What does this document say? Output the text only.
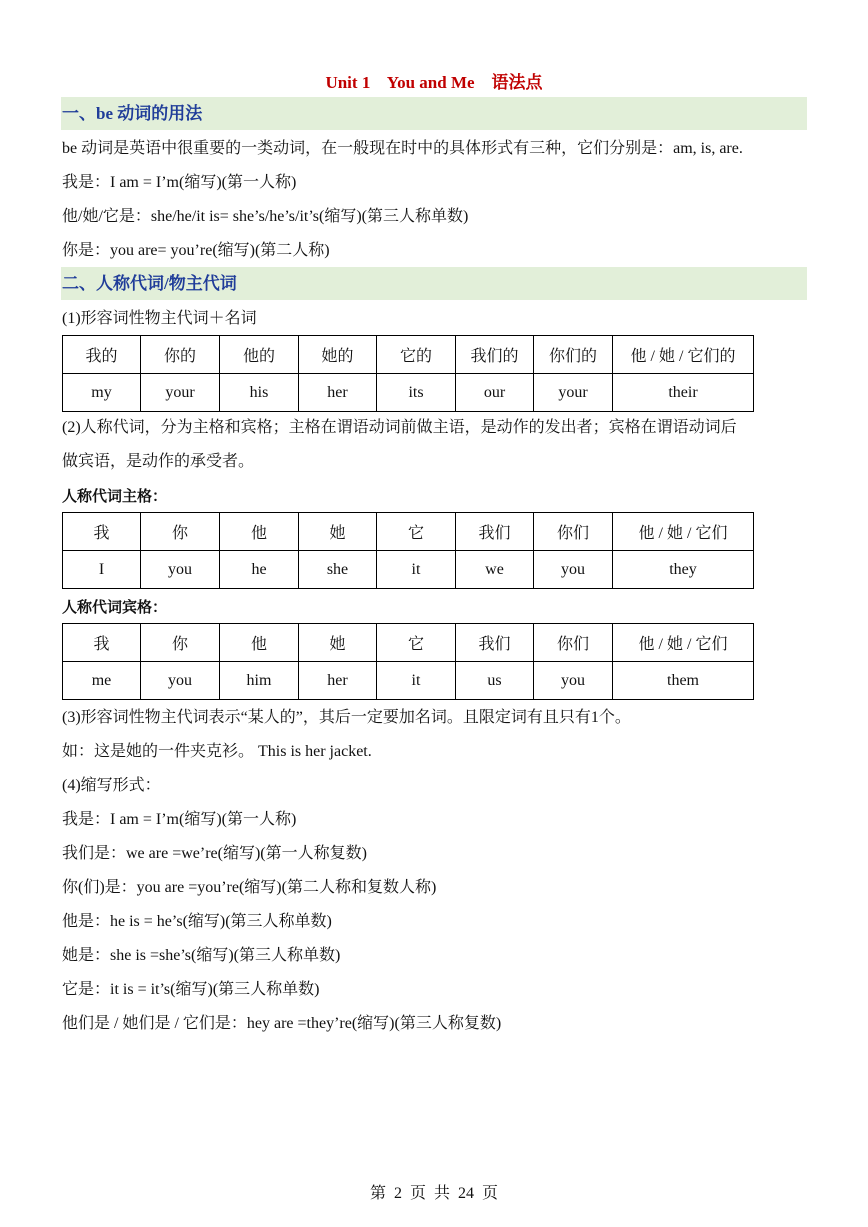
Unit 1    You and Me    语法点
一、be 动词的用法
be 动词是英语中很重要的一类动词，在一般现在时中的具体形式有三种，它们分别是：am, is, are.
我是：I am = I’m(缩写)(第一人称)
他/她/它是：she/he/it is= she’s/he’s/it’s(缩写)(第三人称单数)
你是：you are= you’re(缩写)(第二人称)
二、人称代词/物主代词
(1)形容词性物主代词＋名词
我的	你的	他的	她的	它的	我们的	你们的	他 / 她 / 它们的
my	your	his	her	its	our	your	their
(2)人称代词，分为主格和宾格；主格在谓语动词前做主语，是动作的发出者；宾格在谓语动词后
做宾语，是动作的承受者。
人称代词主格：
我	你	他	她	它	我们	你们	他 / 她 / 它们
I	you	he	she	it	we	you	they
人称代词宾格：
我	你	他	她	它	我们	你们	他 / 她 / 它们
me	you	him	her	it	us	you	them
(3)形容词性物主代词表示“某人的”，其后一定要加名词。且限定词有且只有1个。
如：这是她的一件夹克衫。 This is her jacket.
(4)缩写形式：
我是：I am = I’m(缩写)(第一人称)
我们是：we are =we’re(缩写)(第一人称复数)
你(们)是：you are =you’re(缩写)(第二人称和复数人称)
他是：he is = he’s(缩写)(第三人称单数)
她是：she is =she’s(缩写)(第三人称单数)
它是：it is = it’s(缩写)(第三人称单数)
他们是 / 她们是 / 它们是：hey are =they’re(缩写)(第三人称复数)
第  2  页  共  24  页
